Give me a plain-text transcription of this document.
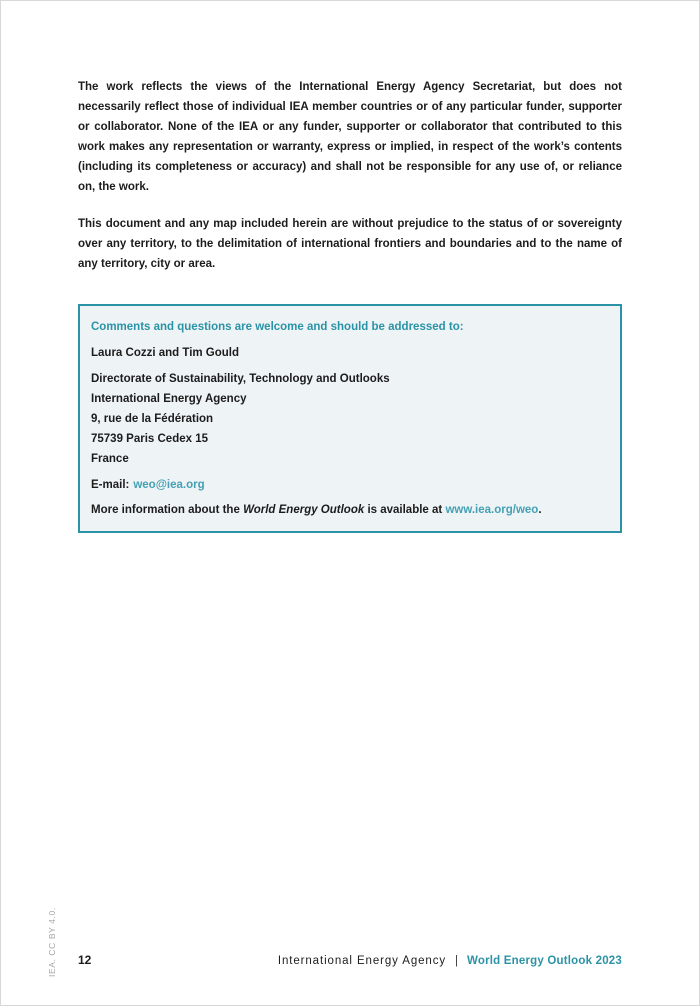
The work reflects the views of the International Energy Agency Secretariat, but does not necessarily reflect those of individual IEA member countries or of any particular funder, supporter or collaborator. None of the IEA or any funder, supporter or collaborator that contributed to this work makes any representation or warranty, express or implied, in respect of the work’s contents (including its completeness or accuracy) and shall not be responsible for any use of, or reliance on, the work.

This document and any map included herein are without prejudice to the status of or sovereignty over any territory, to the delimitation of international frontiers and boundaries and to the name of any territory, city or area.

Comments and questions are welcome and should be addressed to:

Laura Cozzi and Tim Gould

Directorate of Sustainability, Technology and Outlooks
International Energy Agency
9, rue de la Fédération
75739 Paris Cedex 15
France

E-mail: weo@iea.org

More information about the World Energy Outlook is available at www.iea.org/weo.

IEA. CC BY 4.0. 12	International Energy Agency | World Energy Outlook 2023
